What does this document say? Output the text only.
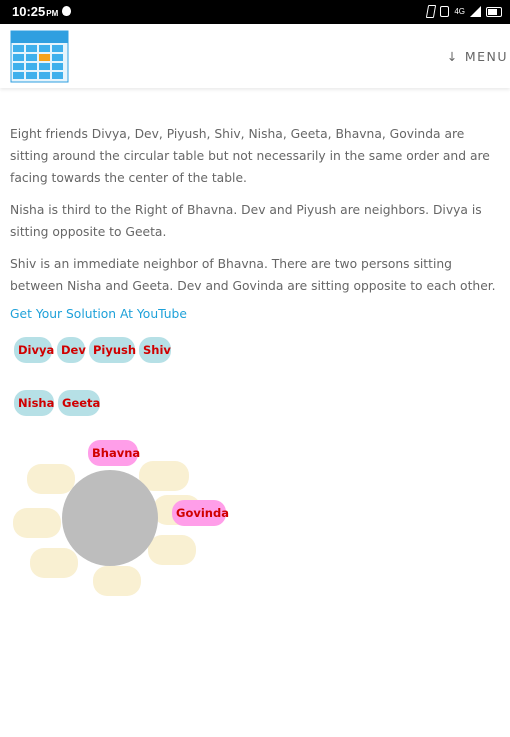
10:25PM	4G
↓ MENU

Eight friends Divya, Dev, Piyush, Shiv, Nisha, Geeta, Bhavna, Govinda are sitting around the circular table but not necessarily in the same order and are facing towards the center of the table.

Nisha is third to the Right of Bhavna. Dev and Piyush are neighbors. Divya is sitting opposite to Geeta.

Shiv is an immediate neighbor of Bhavna. There are two persons sitting between Nisha and Geeta. Dev and Govinda are sitting opposite to each other.

Get Your Solution At YouTube
Divya Dev Piyush Shiv
Nisha Geeta
Bhavna
Govinda
